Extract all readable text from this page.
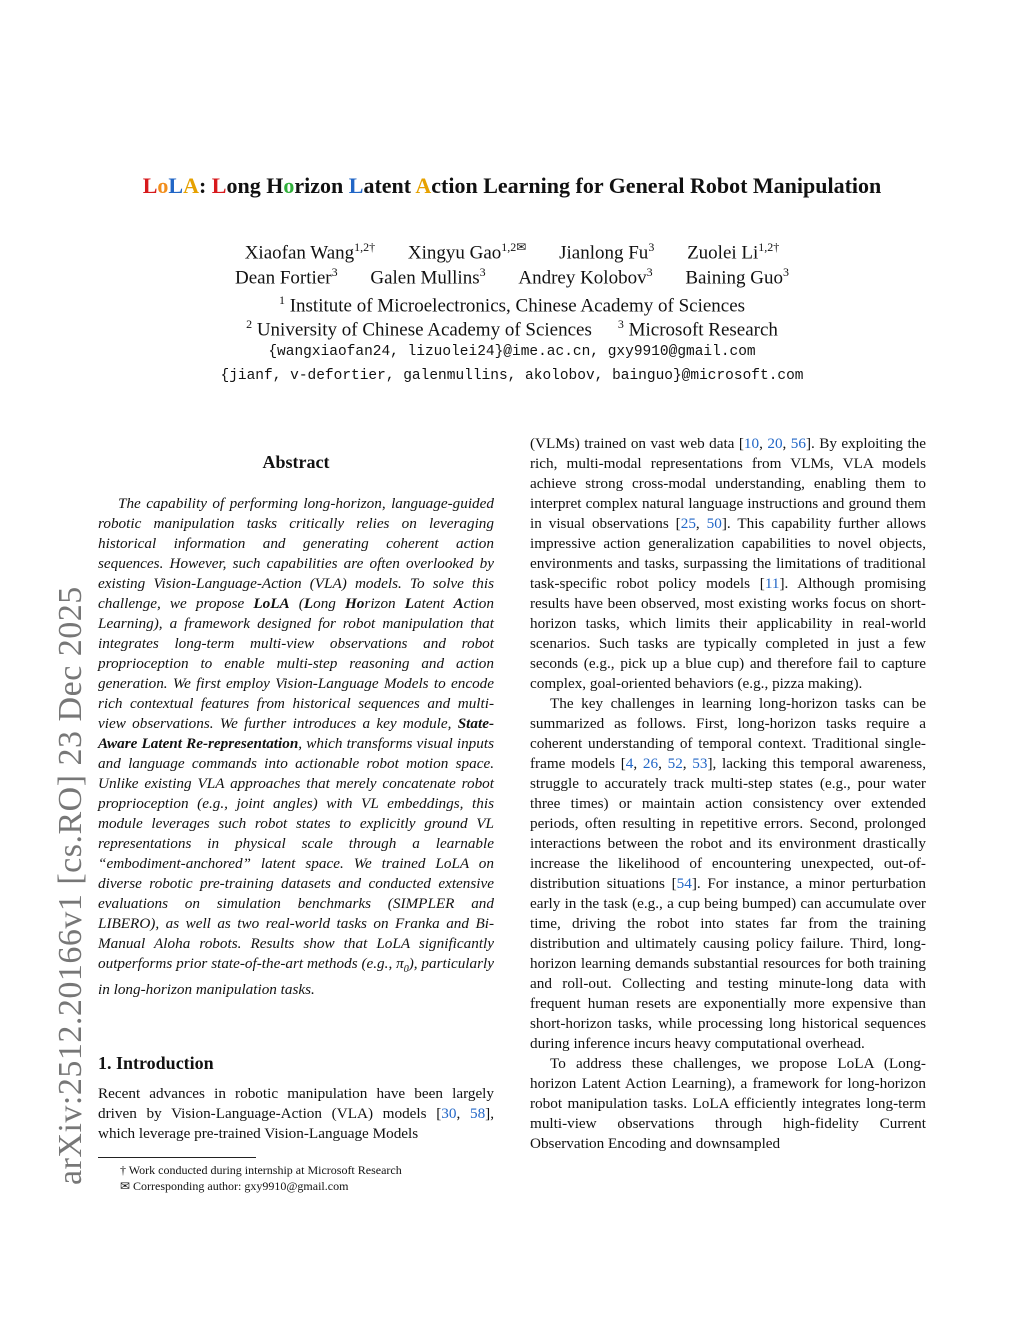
arXiv:2512.20166v1 [cs.RO] 23 Dec 2025
LoLA: Long Horizon Latent Action Learning for General Robot Manipulation
Xiaofan Wang$^{1,2\dagger}$ Xingyu Gao$^{1,2✉}$ Jianlong Fu$^3$ Zuolei $Li^{1,2\dagger}$
Dean Fortier$^3$ Galen Mullins$^3$ Andrey Kolobov$^3$ Baining Guo$^3$
$^1$ Institute of Microelectronics, Chinese Academy of Sciences
$^2$ University of Chinese Academy of Sciences $^3$ Microsoft Research
{wangxiaofan24, lizuolei24}@ime.ac.cn, gxy9910@gmail.com
{jianf, v-defortier, galenmullins, akolobov, bainguo}@microsoft.com
Abstract
The capability of performing long-horizon, language-guided robotic manipulation tasks critically relies on leveraging historical information and generating coherent action sequences. However, such capabilities are often overlooked by existing Vision-Language-Action (VLA) models. To solve this challenge, we propose LoLA (Long Horizon Latent Action Learning), a framework designed for robot manipulation that integrates long-term multi-view observations and robot proprioception to enable multi-step reasoning and action generation. We first employ Vision-Language Models to encode rich contextual features from historical sequences and multi-view observations. We further introduces a key module, State-Aware Latent Re-representation, which transforms visual inputs and language commands into actionable robot motion space. Unlike existing VLA approaches that merely concatenate robot proprioception (e.g., joint angles) with VL embeddings, this module leverages such robot states to explicitly ground VL representations in physical scale through a learnable “embodiment-anchored” latent space. We trained LoLA on diverse robotic pre-training datasets and conducted extensive evaluations on simulation benchmarks (SIMPLER and LIBERO), as well as two real-world tasks on Franka and Bi-Manual Aloha robots. Results show that LoLA significantly outperforms prior state-of-the-art methods (e.g., $\pi_0$), particularly in long-horizon manipulation tasks.
1. Introduction
Recent advances in robotic manipulation have been largely driven by Vision-Language-Action (VLA) models [30, 58], which leverage pre-trained Vision-Language Models
† Work conducted during internship at Microsoft Research
✉ Corresponding author: gxy9910@gmail.com

(VLMs) trained on vast web data [10, 20, 56]. By exploiting the rich, multi-modal representations from VLMs, VLA models achieve strong cross-modal understanding, enabling them to interpret complex natural language instructions and ground them in visual observations [25, 50]. This capability further allows impressive action generalization capabilities to novel objects, environments and tasks, surpassing the limitations of traditional task-specific robot policy models [11]. Although promising results have been observed, most existing works focus on short-horizon tasks, which limits their applicability in real-world scenarios. Such tasks are typically completed in just a few seconds (e.g., pick up a blue cup) and therefore fail to capture complex, goal-oriented behaviors (e.g., pizza making).

The key challenges in learning long-horizon tasks can be summarized as follows. First, long-horizon tasks require a coherent understanding of temporal context. Traditional single-frame models [4, 26, 52, 53], lacking this temporal awareness, struggle to accurately track multi-step states (e.g., pour water three times) or maintain action consistency over extended periods, often resulting in repetitive errors. Second, prolonged interactions between the robot and its environment drastically increase the likelihood of encountering unexpected, out-of-distribution situations [54]. For instance, a minor perturbation early in the task (e.g., a cup being bumped) can accumulate over time, driving the robot into states far from the training distribution and ultimately causing policy failure. Third, long-horizon learning demands substantial resources for both training and roll-out. Collecting and testing minute-long data with frequent human resets are exponentially more expensive than short-horizon tasks, while processing long historical sequences during inference incurs heavy computational overhead.

To address these challenges, we propose LoLA (Long-horizon Latent Action Learning), a framework for long-horizon robot manipulation tasks. LoLA efficiently integrates long-term multi-view observations through high-fidelity Current Observation Encoding and downsampled
